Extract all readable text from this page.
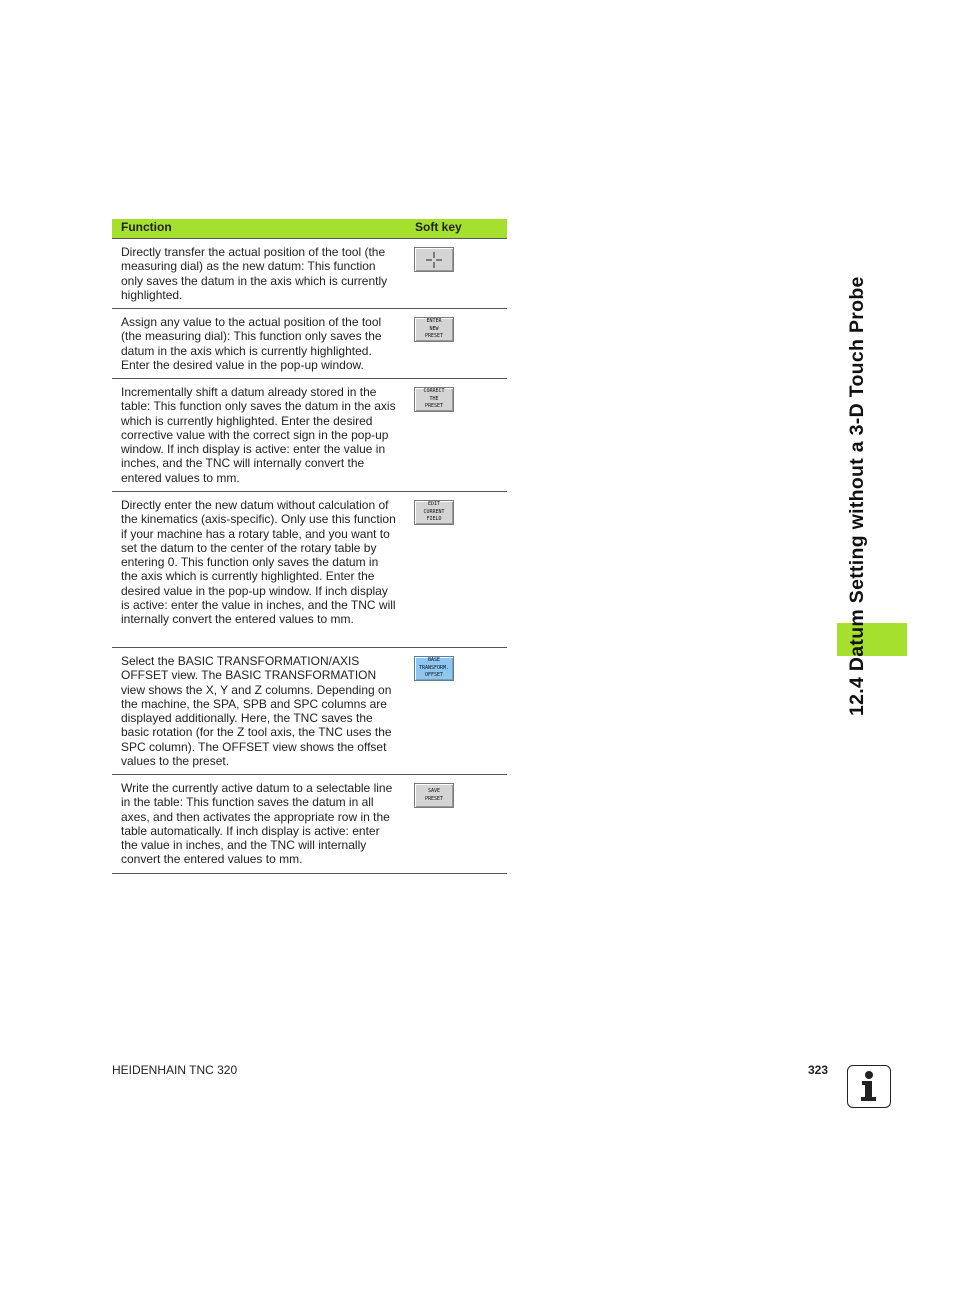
Function	Soft key
Directly transfer the actual position of the tool (the measuring dial) as the new datum: This function only saves the datum in the axis which is currently highlighted.
Assign any value to the actual position of the tool (the measuring dial): This function only saves the datum in the axis which is currently highlighted. Enter the desired value in the pop-up window.
ENTER
NEW
PRESET
Incrementally shift a datum already stored in the table: This function only saves the datum in the axis which is currently highlighted. Enter the desired corrective value with the correct sign in the pop-up window. If inch display is active: enter the value in inches, and the TNC will internally convert the entered values to mm.
CORRECT
THE
PRESET
Directly enter the new datum without calculation of the kinematics (axis-specific). Only use this function if your machine has a rotary table, and you want to set the datum to the center of the rotary table by entering 0. This function only saves the datum in the axis which is currently highlighted. Enter the desired value in the pop-up window. If inch display is active: enter the value in inches, and the TNC will internally convert the entered values to mm.
EDIT
CURRENT
FIELD
Select the BASIC TRANSFORMATION/AXIS OFFSET view. The BASIC TRANSFORMATION view shows the X, Y and Z columns. Depending on the machine, the SPA, SPB and SPC columns are displayed additionally. Here, the TNC saves the basic rotation (for the Z tool axis, the TNC uses the SPC column). The OFFSET view shows the offset values to the preset.
BASE
TRANSFORM.
OFFSET
Write the currently active datum to a selectable line in the table: This function saves the datum in all axes, and then activates the appropriate row in the table automatically. If inch display is active: enter the value in inches, and the TNC will internally convert the entered values to mm.
SAVE
PRESET
12.4 Datum Setting without a 3-D Touch Probe
HEIDENHAIN TNC 320	323
